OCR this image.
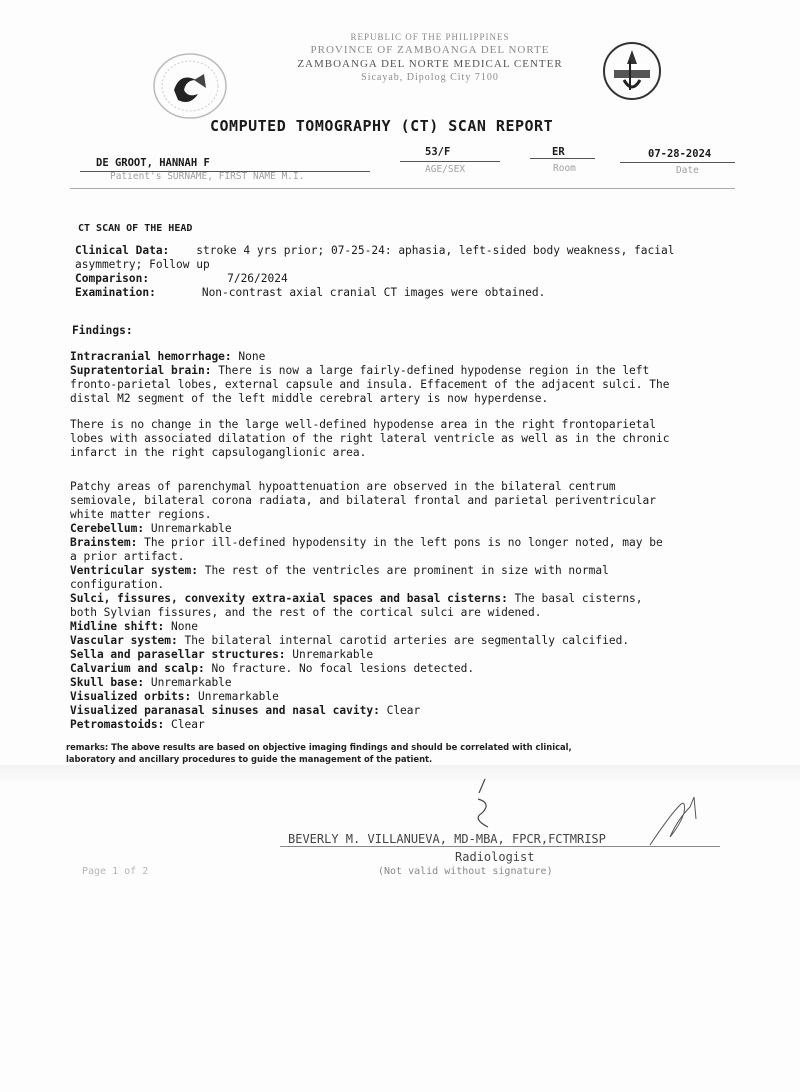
REPUBLIC OF THE PHILIPPINES
PROVINCE OF ZAMBOANGA DEL NORTE
ZAMBOANGA DEL NORTE MEDICAL CENTER
Sicayab, Dipolog City 7100
COMPUTED TOMOGRAPHY (CT) SCAN REPORT
DE GROOT, HANNAH F
Patient's SURNAME, FIRST NAME M.I.
53/F
AGE/SEX
ER
Room
07-28-2024
Date
CT SCAN OF THE HEAD
Clinical Data: stroke 4 yrs prior; 07-25-24: aphasia, left-sided body weakness, facial
asymmetry; Follow up
Comparison:	7/26/2024
Examination:	Non-contrast axial cranial CT images were obtained.
Findings:
Intracranial hemorrhage: None
Supratentorial brain: There is now a large fairly-defined hypodense region in the left
fronto-parietal lobes, external capsule and insula. Effacement of the adjacent sulci. The
distal M2 segment of the left middle cerebral artery is now hyperdense.
There is no change in the large well-defined hypodense area in the right frontoparietal
lobes with associated dilatation of the right lateral ventricle as well as in the chronic
infarct in the right capsuloganglionic area.
Patchy areas of parenchymal hypoattenuation are observed in the bilateral centrum
semiovale, bilateral corona radiata, and bilateral frontal and parietal periventricular
white matter regions.
Cerebellum: Unremarkable
Brainstem: The prior ill-defined hypodensity in the left pons is no longer noted, may be
a prior artifact.
Ventricular system: The rest of the ventricles are prominent in size with normal
configuration.
Sulci, fissures, convexity extra-axial spaces and basal cisterns: The basal cisterns,
both Sylvian fissures, and the rest of the cortical sulci are widened.
Midline shift: None
Vascular system: The bilateral internal carotid arteries are segmentally calcified.
Sella and parasellar structures: Unremarkable
Calvarium and scalp: No fracture. No focal lesions detected.
Skull base: Unremarkable
Visualized orbits: Unremarkable
Visualized paranasal sinuses and nasal cavity: Clear
Petromastoids: Clear
remarks: The above results are based on objective imaging findings and should be correlated with clinical,
laboratory and ancillary procedures to guide the management of the patient.
BEVERLY M. VILLANUEVA, MD-MBA, FPCR,FCTMRISP
Radiologist
(Not valid without signature)
Page 1 of 2
